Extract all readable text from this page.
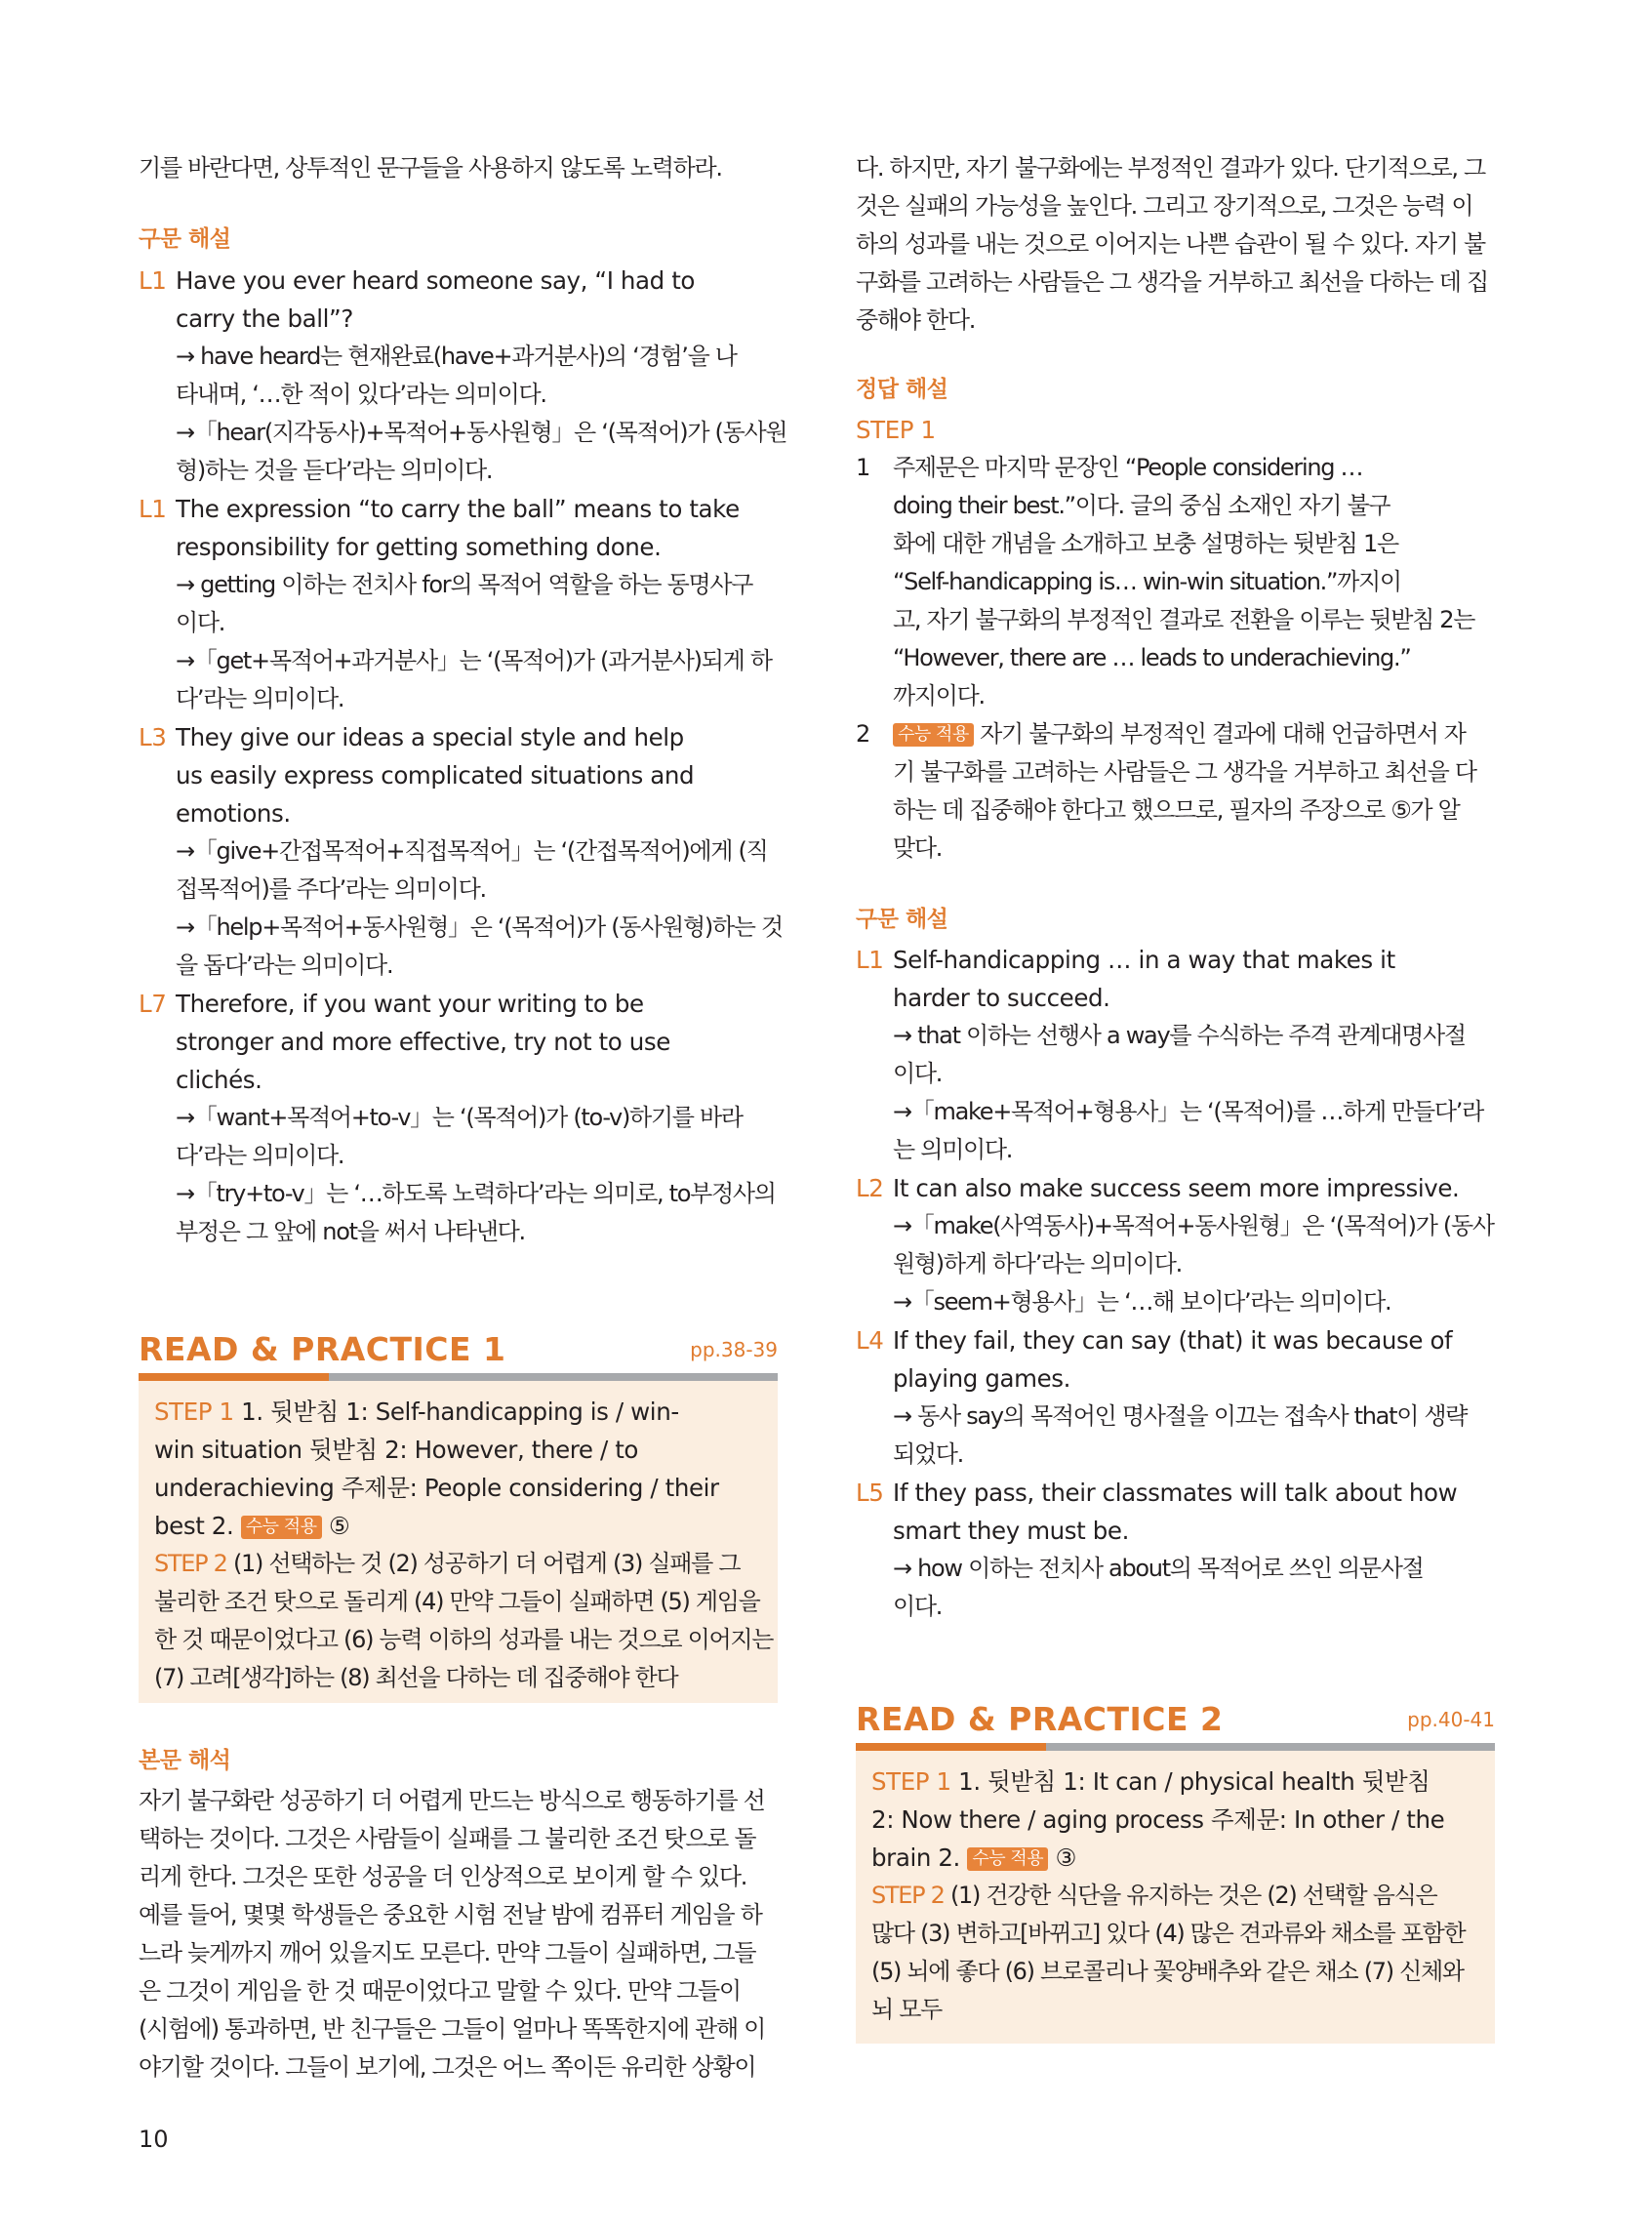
기를 바란다면, 상투적인 문구들을 사용하지 않도록 노력하라.
구문 해설
L1 Have you ever heard someone say, “I had to
carry the ball”?
→ have heard는 현재완료(have+과거분사)의 ‘경험’을 나
타내며, ‘…한 적이 있다’라는 의미이다.
→「hear(지각동사)+목적어+동사원형」은 ‘(목적어)가 (동사원
형)하는 것을 듣다’라는 의미이다.
L1 The expression “to carry the ball” means to take
responsibility for getting something done.
→ getting 이하는 전치사 for의 목적어 역할을 하는 동명사구
이다.
→「get+목적어+과거분사」는 ‘(목적어)가 (과거분사)되게 하
다’라는 의미이다.
L3 They give our ideas a special style and help
us easily express complicated situations and
emotions.
→「give+간접목적어+직접목적어」는 ‘(간접목적어)에게 (직
접목적어)를 주다’라는 의미이다.
→「help+목적어+동사원형」은 ‘(목적어)가 (동사원형)하는 것
을 돕다’라는 의미이다.
L7 Therefore, if you want your writing to be
stronger and more effective, try not to use
clichés.
→「want+목적어+to-v」는 ‘(목적어)가 (to-v)하기를 바라
다’라는 의미이다.
→「try+to-v」는 ‘…하도록 노력하다’라는 의미로, to부정사의
부정은 그 앞에 not을 써서 나타낸다.
READ & PRACTICE 1	pp.38-39
STEP 1 1. 뒷받침 1: Self-handicapping is / win-
win situation 뒷받침 2: However, there / to
underachieving 주제문: People considering / their
best 2. 수능 적용 ⑤
STEP 2 (1) 선택하는 것 (2) 성공하기 더 어렵게 (3) 실패를 그
불리한 조건 탓으로 돌리게 (4) 만약 그들이 실패하면 (5) 게임을
한 것 때문이었다고 (6) 능력 이하의 성과를 내는 것으로 이어지는
(7) 고려[생각]하는 (8) 최선을 다하는 데 집중해야 한다
본문 해석
자기 불구화란 성공하기 더 어렵게 만드는 방식으로 행동하기를 선
택하는 것이다. 그것은 사람들이 실패를 그 불리한 조건 탓으로 돌
리게 한다. 그것은 또한 성공을 더 인상적으로 보이게 할 수 있다.
예를 들어, 몇몇 학생들은 중요한 시험 전날 밤에 컴퓨터 게임을 하
느라 늦게까지 깨어 있을지도 모른다. 만약 그들이 실패하면, 그들
은 그것이 게임을 한 것 때문이었다고 말할 수 있다. 만약 그들이
(시험에) 통과하면, 반 친구들은 그들이 얼마나 똑똑한지에 관해 이
야기할 것이다. 그들이 보기에, 그것은 어느 쪽이든 유리한 상황이
다. 하지만, 자기 불구화에는 부정적인 결과가 있다. 단기적으로, 그
것은 실패의 가능성을 높인다. 그리고 장기적으로, 그것은 능력 이
하의 성과를 내는 것으로 이어지는 나쁜 습관이 될 수 있다. 자기 불
구화를 고려하는 사람들은 그 생각을 거부하고 최선을 다하는 데 집
중해야 한다.
정답 해설
STEP 1
1 주제문은 마지막 문장인 “People considering …
doing their best.”이다. 글의 중심 소재인 자기 불구
화에 대한 개념을 소개하고 보충 설명하는 뒷받침 1은
“Self-handicapping is… win-win situation.”까지이
고, 자기 불구화의 부정적인 결과로 전환을 이루는 뒷받침 2는
“However, there are … leads to underachieving.”
까지이다.
2 수능 적용 자기 불구화의 부정적인 결과에 대해 언급하면서 자
기 불구화를 고려하는 사람들은 그 생각을 거부하고 최선을 다
하는 데 집중해야 한다고 했으므로, 필자의 주장으로 ⑤가 알
맞다.
구문 해설
L1 Self-handicapping … in a way that makes it
harder to succeed.
→ that 이하는 선행사 a way를 수식하는 주격 관계대명사절
이다.
→「make+목적어+형용사」는 ‘(목적어)를 …하게 만들다’라
는 의미이다.
L2 It can also make success seem more impressive.
→「make(사역동사)+목적어+동사원형」은 ‘(목적어)가 (동사
원형)하게 하다’라는 의미이다.
→「seem+형용사」는 ‘…해 보이다’라는 의미이다.
L4 If they fail, they can say (that) it was because of
playing games.
→ 동사 say의 목적어인 명사절을 이끄는 접속사 that이 생략
되었다.
L5 If they pass, their classmates will talk about how
smart they must be.
→ how 이하는 전치사 about의 목적어로 쓰인 의문사절
이다.
READ & PRACTICE 2	pp.40-41
STEP 1 1. 뒷받침 1: It can / physical health 뒷받침
2: Now there / aging process 주제문: In other / the
brain 2. 수능 적용 ③
STEP 2 (1) 건강한 식단을 유지하는 것은 (2) 선택할 음식은
많다 (3) 변하고[바뀌고] 있다 (4) 많은 견과류와 채소를 포함한
(5) 뇌에 좋다 (6) 브로콜리나 꽃양배추와 같은 채소 (7) 신체와
뇌 모두
10
